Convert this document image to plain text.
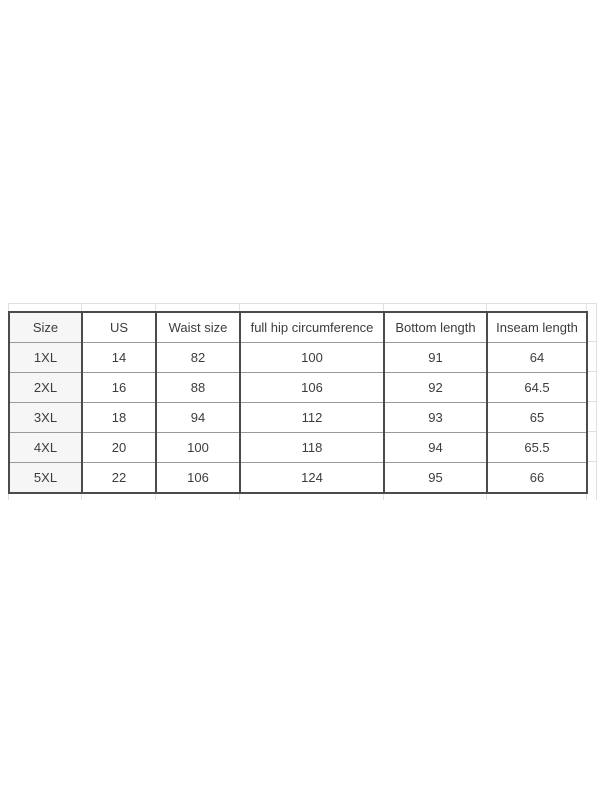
Size	US	Waist size	full hip circumference	Bottom length	Inseam length
1XL	14	82	100	91	64
2XL	16	88	106	92	64.5
3XL	18	94	112	93	65
4XL	20	100	118	94	65.5
5XL	22	106	124	95	66
